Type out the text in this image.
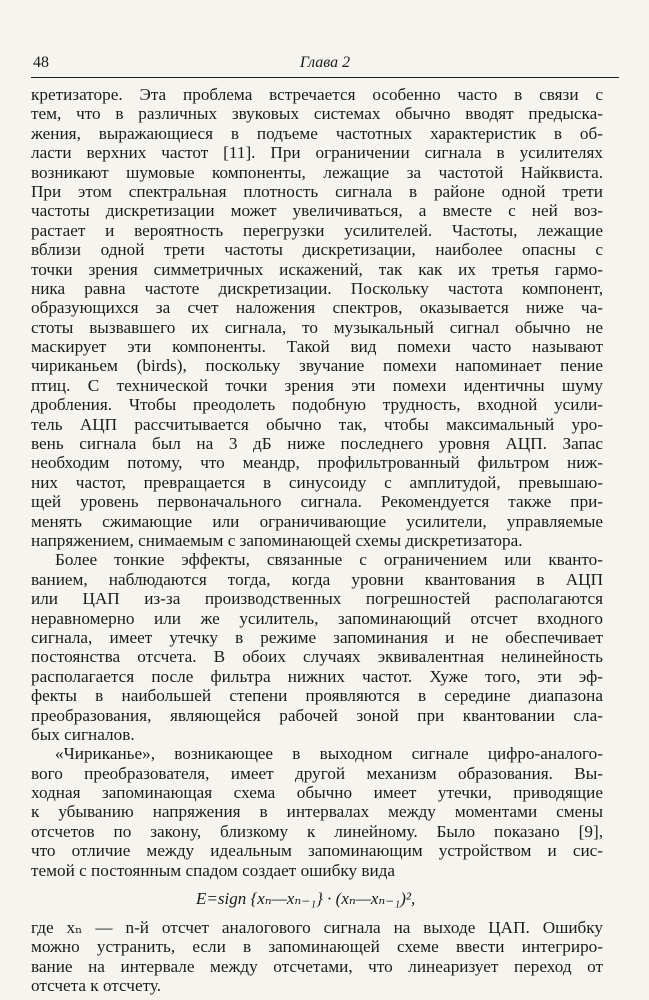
48	Глава 2
кретизаторе. Эта проблема встречается особенно часто в связи с
тем, что в различных звуковых системах обычно вводят предыска-
жения, выражающиеся в подъеме частотных характеристик в об-
ласти верхних частот [11]. При ограничении сигнала в усилителях
возникают шумовые компоненты, лежащие за частотой Найквиста.
При этом спектральная плотность сигнала в районе одной трети
частоты дискретизации может увеличиваться, а вместе с ней воз-
растает и вероятность перегрузки усилителей. Частоты, лежащие
вблизи одной трети частоты дискретизации, наиболее опасны с
точки зрения симметричных искажений, так как их третья гармо-
ника равна частоте дискретизации. Поскольку частота компонент,
образующихся за счет наложения спектров, оказывается ниже ча-
стоты вызвавшего их сигнала, то музыкальный сигнал обычно не
маскирует эти компоненты. Такой вид помехи часто называют
чириканьем (birds), поскольку звучание помехи напоминает пение
птиц. С технической точки зрения эти помехи идентичны шуму
дробления. Чтобы преодолеть подобную трудность, входной усили-
тель АЦП рассчитывается обычно так, чтобы максимальный уро-
вень сигнала был на 3 дБ ниже последнего уровня АЦП. Запас
необходим потому, что меандр, профильтрованный фильтром ниж-
них частот, превращается в синусоиду с амплитудой, превышаю-
щей уровень первоначального сигнала. Рекомендуется также при-
менять сжимающие или ограничивающие усилители, управляемые
напряжением, снимаемым с запоминающей схемы дискретизатора.
Более тонкие эффекты, связанные с ограничением или кванто-
ванием, наблюдаются тогда, когда уровни квантования в АЦП
или ЦАП из-за производственных погрешностей располагаются
неравномерно или же усилитель, запоминающий отсчет входного
сигнала, имеет утечку в режиме запоминания и не обеспечивает
постоянства отсчета. В обоих случаях эквивалентная нелинейность
располагается после фильтра нижних частот. Хуже того, эти эф-
фекты в наибольшей степени проявляются в середине диапазона
преобразования, являющейся рабочей зоной при квантовании сла-
бых сигналов.
«Чириканье», возникающее в выходном сигнале цифро-аналого-
вого преобразователя, имеет другой механизм образования. Вы-
ходная запоминающая схема обычно имеет утечки, приводящие
к убыванию напряжения в интервалах между моментами смены
отсчетов по закону, близкому к линейному. Было показано [9],
что отличие между идеальным запоминающим устройством и сис-
темой с постоянным спадом создает ошибку вида
E=sign {xₙ—xₙ₋₁} · (xₙ—xₙ₋₁)²,
где xₙ — n-й отсчет аналогового сигнала на выходе ЦАП. Ошибку
можно устранить, если в запоминающей схеме ввести интегриро-
вание на интервале между отсчетами, что линеаризует переход от
отсчета к отсчету.
